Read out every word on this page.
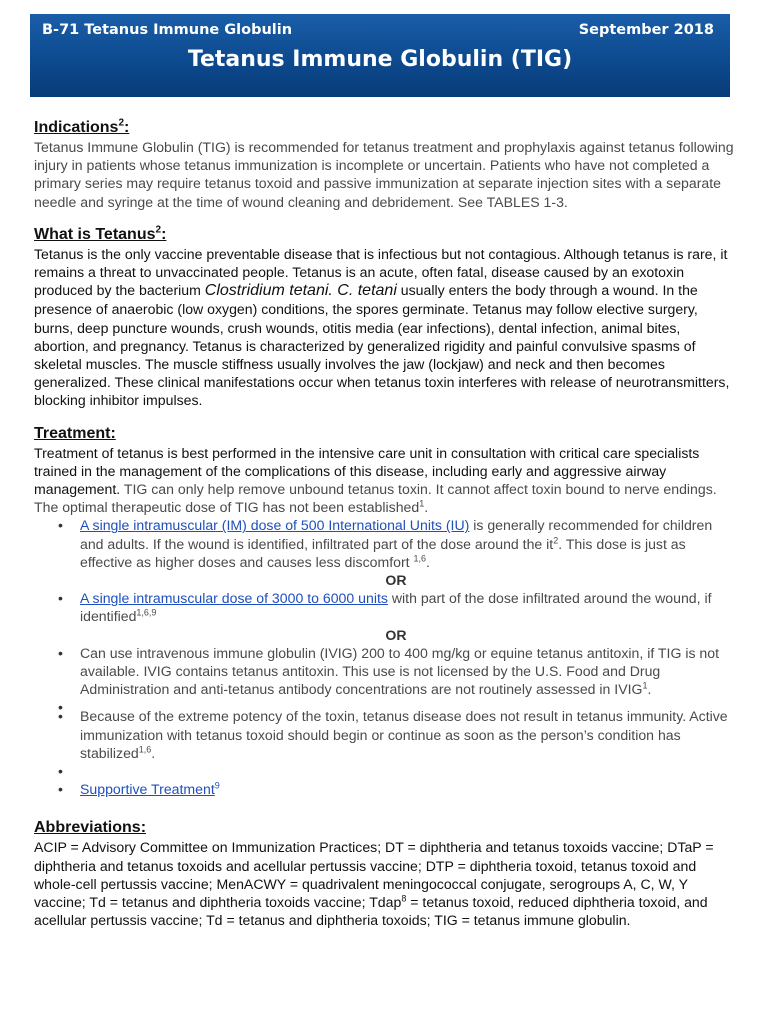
B-71 Tetanus Immune Globulin	September 2018
Tetanus Immune Globulin (TIG)
Indications$^2$:

Tetanus Immune Globulin (TIG) is recommended for tetanus treatment and prophylaxis against tetanus following injury in patients whose tetanus immunization is incomplete or uncertain. Patients who have not completed a primary series may require tetanus toxoid and passive immunization at separate injection sites with a separate needle and syringe at the time of wound cleaning and debridement. See TABLES 1-3.

What is Tetanus$^2$:

Tetanus is the only vaccine preventable disease that is infectious but not contagious. Although tetanus is rare, it remains a threat to unvaccinated people. Tetanus is an acute, often fatal, disease caused by an exotoxin produced by the bacterium Clostridium tetani. C. tetani usually enters the body through a wound. In the presence of anaerobic (low oxygen) conditions, the spores germinate. Tetanus may follow elective surgery, burns, deep puncture wounds, crush wounds, otitis media (ear infections), dental infection, animal bites, abortion, and pregnancy. Tetanus is characterized by generalized rigidity and painful convulsive spasms of skeletal muscles. The muscle stiffness usually involves the jaw (lockjaw) and neck and then becomes generalized. These clinical manifestations occur when tetanus toxin interferes with release of neurotransmitters, blocking inhibitor impulses.

Treatment:

Treatment of tetanus is best performed in the intensive care unit in consultation with critical care specialists trained in the management of the complications of this disease, including early and aggressive airway management. TIG can only help remove unbound tetanus toxin. It cannot affect toxin bound to nerve endings. The optimal therapeutic dose of TIG has not been established$^1$.

• A single intramuscular (IM) dose of 500 International Units (IU) is generally recommended for children and adults. If the wound is identified, infiltrated part of the dose around the $it^2$. This dose is just as effective as higher doses and causes less discomfort $^{1,6}$.
OR
• A single intramuscular dose of 3000 to 6000 units with part of the dose infiltrated around the wound, if identified$^{1,6,9}$
OR
• Can use intravenous immune globulin (IVIG) 200 to 400 mg/kg or equine tetanus antitoxin, if TIG is not available. IVIG contains tetanus antitoxin. This use is not licensed by the U.S. Food and Drug Administration and anti-tetanus antibody concentrations are not routinely assessed in IVIG$^1$.
•
• Because of the extreme potency of the toxin, tetanus disease does not result in tetanus immunity. Active immunization with tetanus toxoid should begin or continue as soon as the person’s condition has stabilized$^{1,6}$.
•
• Supportive Treatment$^9$
Abbreviations:

ACIP = Advisory Committee on Immunization Practices; DT = diphtheria and tetanus toxoids vaccine; DTaP = diphtheria and tetanus toxoids and acellular pertussis vaccine; DTP = diphtheria toxoid, tetanus toxoid and whole-cell pertussis vaccine; MenACWY = quadrivalent meningococcal conjugate, serogroups A, C, W, Y vaccine; Td = tetanus and diphtheria toxoids vaccine; Tdap$^8$ = tetanus toxoid, reduced diphtheria toxoid, and acellular pertussis vaccine; Td = tetanus and diphtheria toxoids; TIG = tetanus immune globulin.
